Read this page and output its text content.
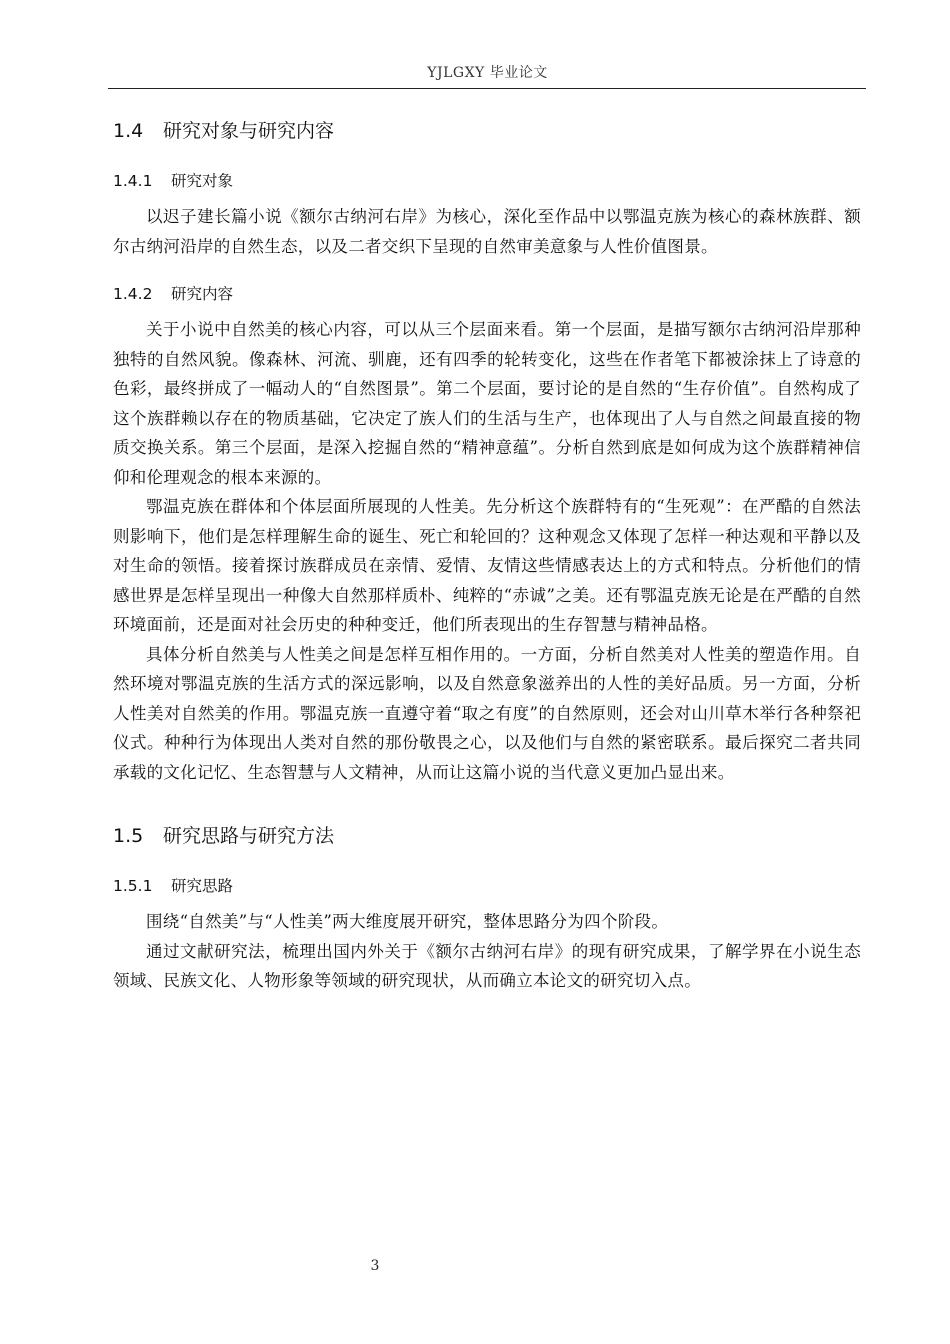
YJLGXY 毕业论文
1.4 研究对象与研究内容
1.4.1 研究对象

以迟子建长篇小说《额尔古纳河右岸》为核心，深化至作品中以鄂温克族为核心的森林族群、额尔古纳河沿岸的自然生态，以及二者交织下呈现的自然审美意象与人性价值图景。

1.4.2 研究内容

关于小说中自然美的核心内容，可以从三个层面来看。第一个层面，是描写额尔古纳河沿岸那种独特的自然风貌。像森林、河流、驯鹿，还有四季的轮转变化，这些在作者笔下都被涂抹上了诗意的色彩，最终拼成了一幅动人的“自然图景”。第二个层面，要讨论的是自然的“生存价值”。自然构成了这个族群赖以存在的物质基础，它决定了族人们的生活与生产，也体现出了人与自然之间最直接的物质交换关系。第三个层面，是深入挖掘自然的“精神意蕴”。分析自然到底是如何成为这个族群精神信仰和伦理观念的根本来源的。

鄂温克族在群体和个体层面所展现的人性美。先分析这个族群特有的“生死观”：在严酷的自然法则影响下，他们是怎样理解生命的诞生、死亡和轮回的？这种观念又体现了怎样一种达观和平静以及对生命的领悟。接着探讨族群成员在亲情、爱情、友情这些情感表达上的方式和特点。分析他们的情感世界是怎样呈现出一种像大自然那样质朴、纯粹的“赤诚”之美。还有鄂温克族无论是在严酷的自然环境面前，还是面对社会历史的种种变迁，他们所表现出的生存智慧与精神品格。

具体分析自然美与人性美之间是怎样互相作用的。一方面，分析自然美对人性美的塑造作用。自然环境对鄂温克族的生活方式的深远影响，以及自然意象滋养出的人性的美好品质。另一方面，分析人性美对自然美的作用。鄂温克族一直遵守着“取之有度”的自然原则，还会对山川草木举行各种祭祀仪式。种种行为体现出人类对自然的那份敬畏之心，以及他们与自然的紧密联系。最后探究二者共同承载的文化记忆、生态智慧与人文精神，从而让这篇小说的当代意义更加凸显出来。

1.5 研究思路与研究方法
1.5.1 研究思路

围绕“自然美”与“人性美”两大维度展开研究，整体思路分为四个阶段。

通过文献研究法，梳理出国内外关于《额尔古纳河右岸》的现有研究成果，了解学界在小说生态领域、民族文化、人物形象等领域的研究现状，从而确立本论文的研究切入点。

3
